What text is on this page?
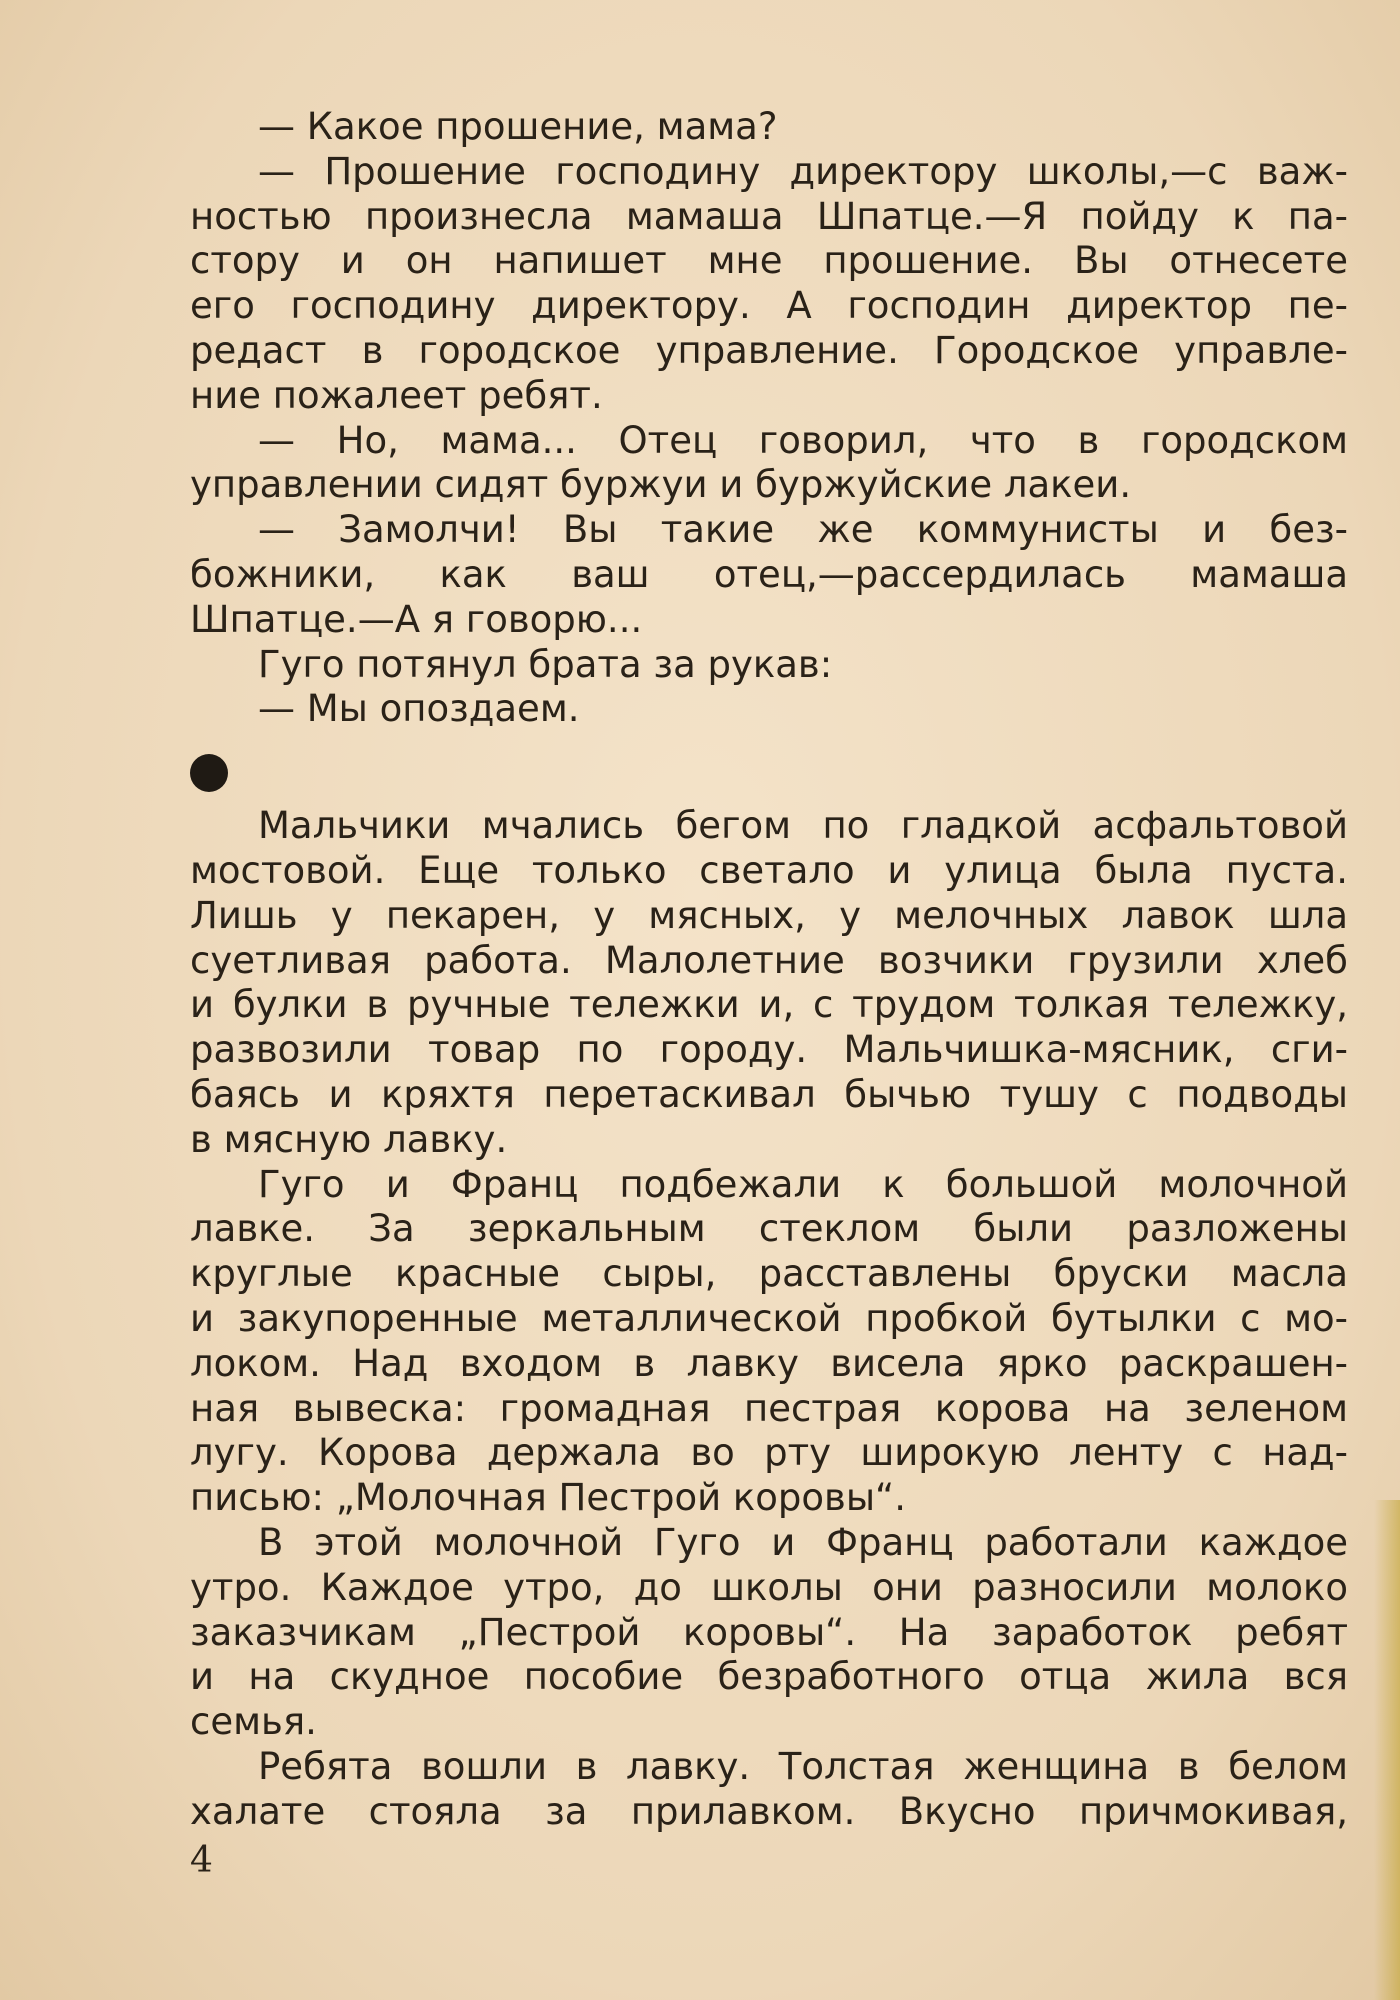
— Какое прошение, мама?
— Прошение господину директору школы,—с важ-
ностью произнесла мамаша Шпатце.—Я пойду к па-
стору и он напишет мне прошение. Вы отнесете
его господину директору. А господин директор пе-
редаст в городское управление. Городское управле-
ние пожалеет ребят.
— Но, мама... Отец говорил, что в городском
управлении сидят буржуи и буржуйские лакеи.
— Замолчи! Вы такие же коммунисты и без-
божники, как ваш отец,—рассердилась мамаша
Шпатце.—А я говорю...
Гуго потянул брата за рукав:
— Мы опоздаем.
Мальчики мчались бегом по гладкой асфальтовой
мостовой. Еще только светало и улица была пуста.
Лишь у пекарен, у мясных, у мелочных лавок шла
суетливая работа. Малолетние возчики грузили хлеб
и булки в ручные тележки и, с трудом толкая тележку,
развозили товар по городу. Мальчишка-мясник, сги-
баясь и кряхтя перетаскивал бычью тушу с подводы
в мясную лавку.
Гуго и Франц подбежали к большой молочной
лавке. За зеркальным стеклом были разложены
круглые красные сыры, расставлены бруски масла
и закупоренные металлической пробкой бутылки с мо-
локом. Над входом в лавку висела ярко раскрашен-
ная вывеска: громадная пестрая корова на зеленом
лугу. Корова держала во рту широкую ленту с над-
писью: „Молочная Пестрой коровы“.
В этой молочной Гуго и Франц работали каждое
утро. Каждое утро, до школы они разносили молоко
заказчикам „Пестрой коровы“. На заработок ребят
и на скудное пособие безработного отца жила вся
семья.
Ребята вошли в лавку. Толстая женщина в белом
халате стояла за прилавком. Вкусно причмокивая,
4
